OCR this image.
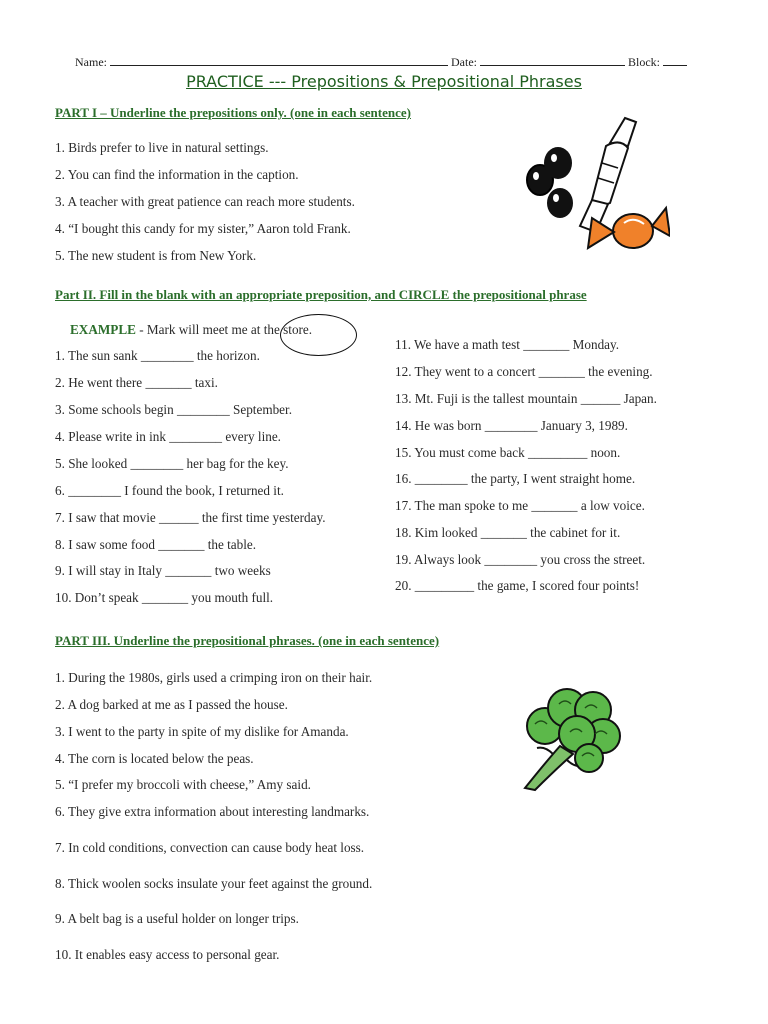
Name:	Date:	Block:
PRACTICE --- Prepositions & Prepositional Phrases
PART I – Underline the prepositions only. (one in each sentence)
1. Birds prefer to live in natural settings.
2. You can find the information in the caption.
3. A teacher with great patience can reach more students.
4. “I bought this candy for my sister,” Aaron told Frank.
5. The new student is from New York.
Part II. Fill in the blank with an appropriate preposition, and CIRCLE the prepositional phrase
EXAMPLE - Mark will meet me at the store.
1. The sun sank ________ the horizon.
2. He went there _______ taxi.
3. Some schools begin ________ September.
4. Please write in ink ________ every line.
5. She looked ________ her bag for the key.
6. ________ I found the book, I returned it.
7. I saw that movie ______ the first time yesterday.
8. I saw some food _______ the table.
9. I will stay in Italy _______ two weeks
10. Don’t speak _______ you mouth full.
11. We have a math test _______ Monday.
12. They went to a concert _______ the evening.
13. Mt. Fuji is the tallest mountain ______ Japan.
14. He was born ________ January 3, 1989.
15. You must come back _________ noon.
16. ________ the party, I went straight home.
17. The man spoke to me _______ a low voice.
18. Kim looked _______ the cabinet for it.
19. Always look ________ you cross the street.
20. _________ the game, I scored four points!
PART III. Underline the prepositional phrases. (one in each sentence)
1. During the 1980s, girls used a crimping iron on their hair.
2. A dog barked at me as I passed the house.
3. I went to the party in spite of my dislike for Amanda.
4. The corn is located below the peas.
5. “I prefer my broccoli with cheese,” Amy said.
6. They give extra information about interesting landmarks.
7. In cold conditions, convection can cause body heat loss.
8. Thick woolen socks insulate your feet against the ground.
9. A belt bag is a useful holder on longer trips.
10. It enables easy access to personal gear.
